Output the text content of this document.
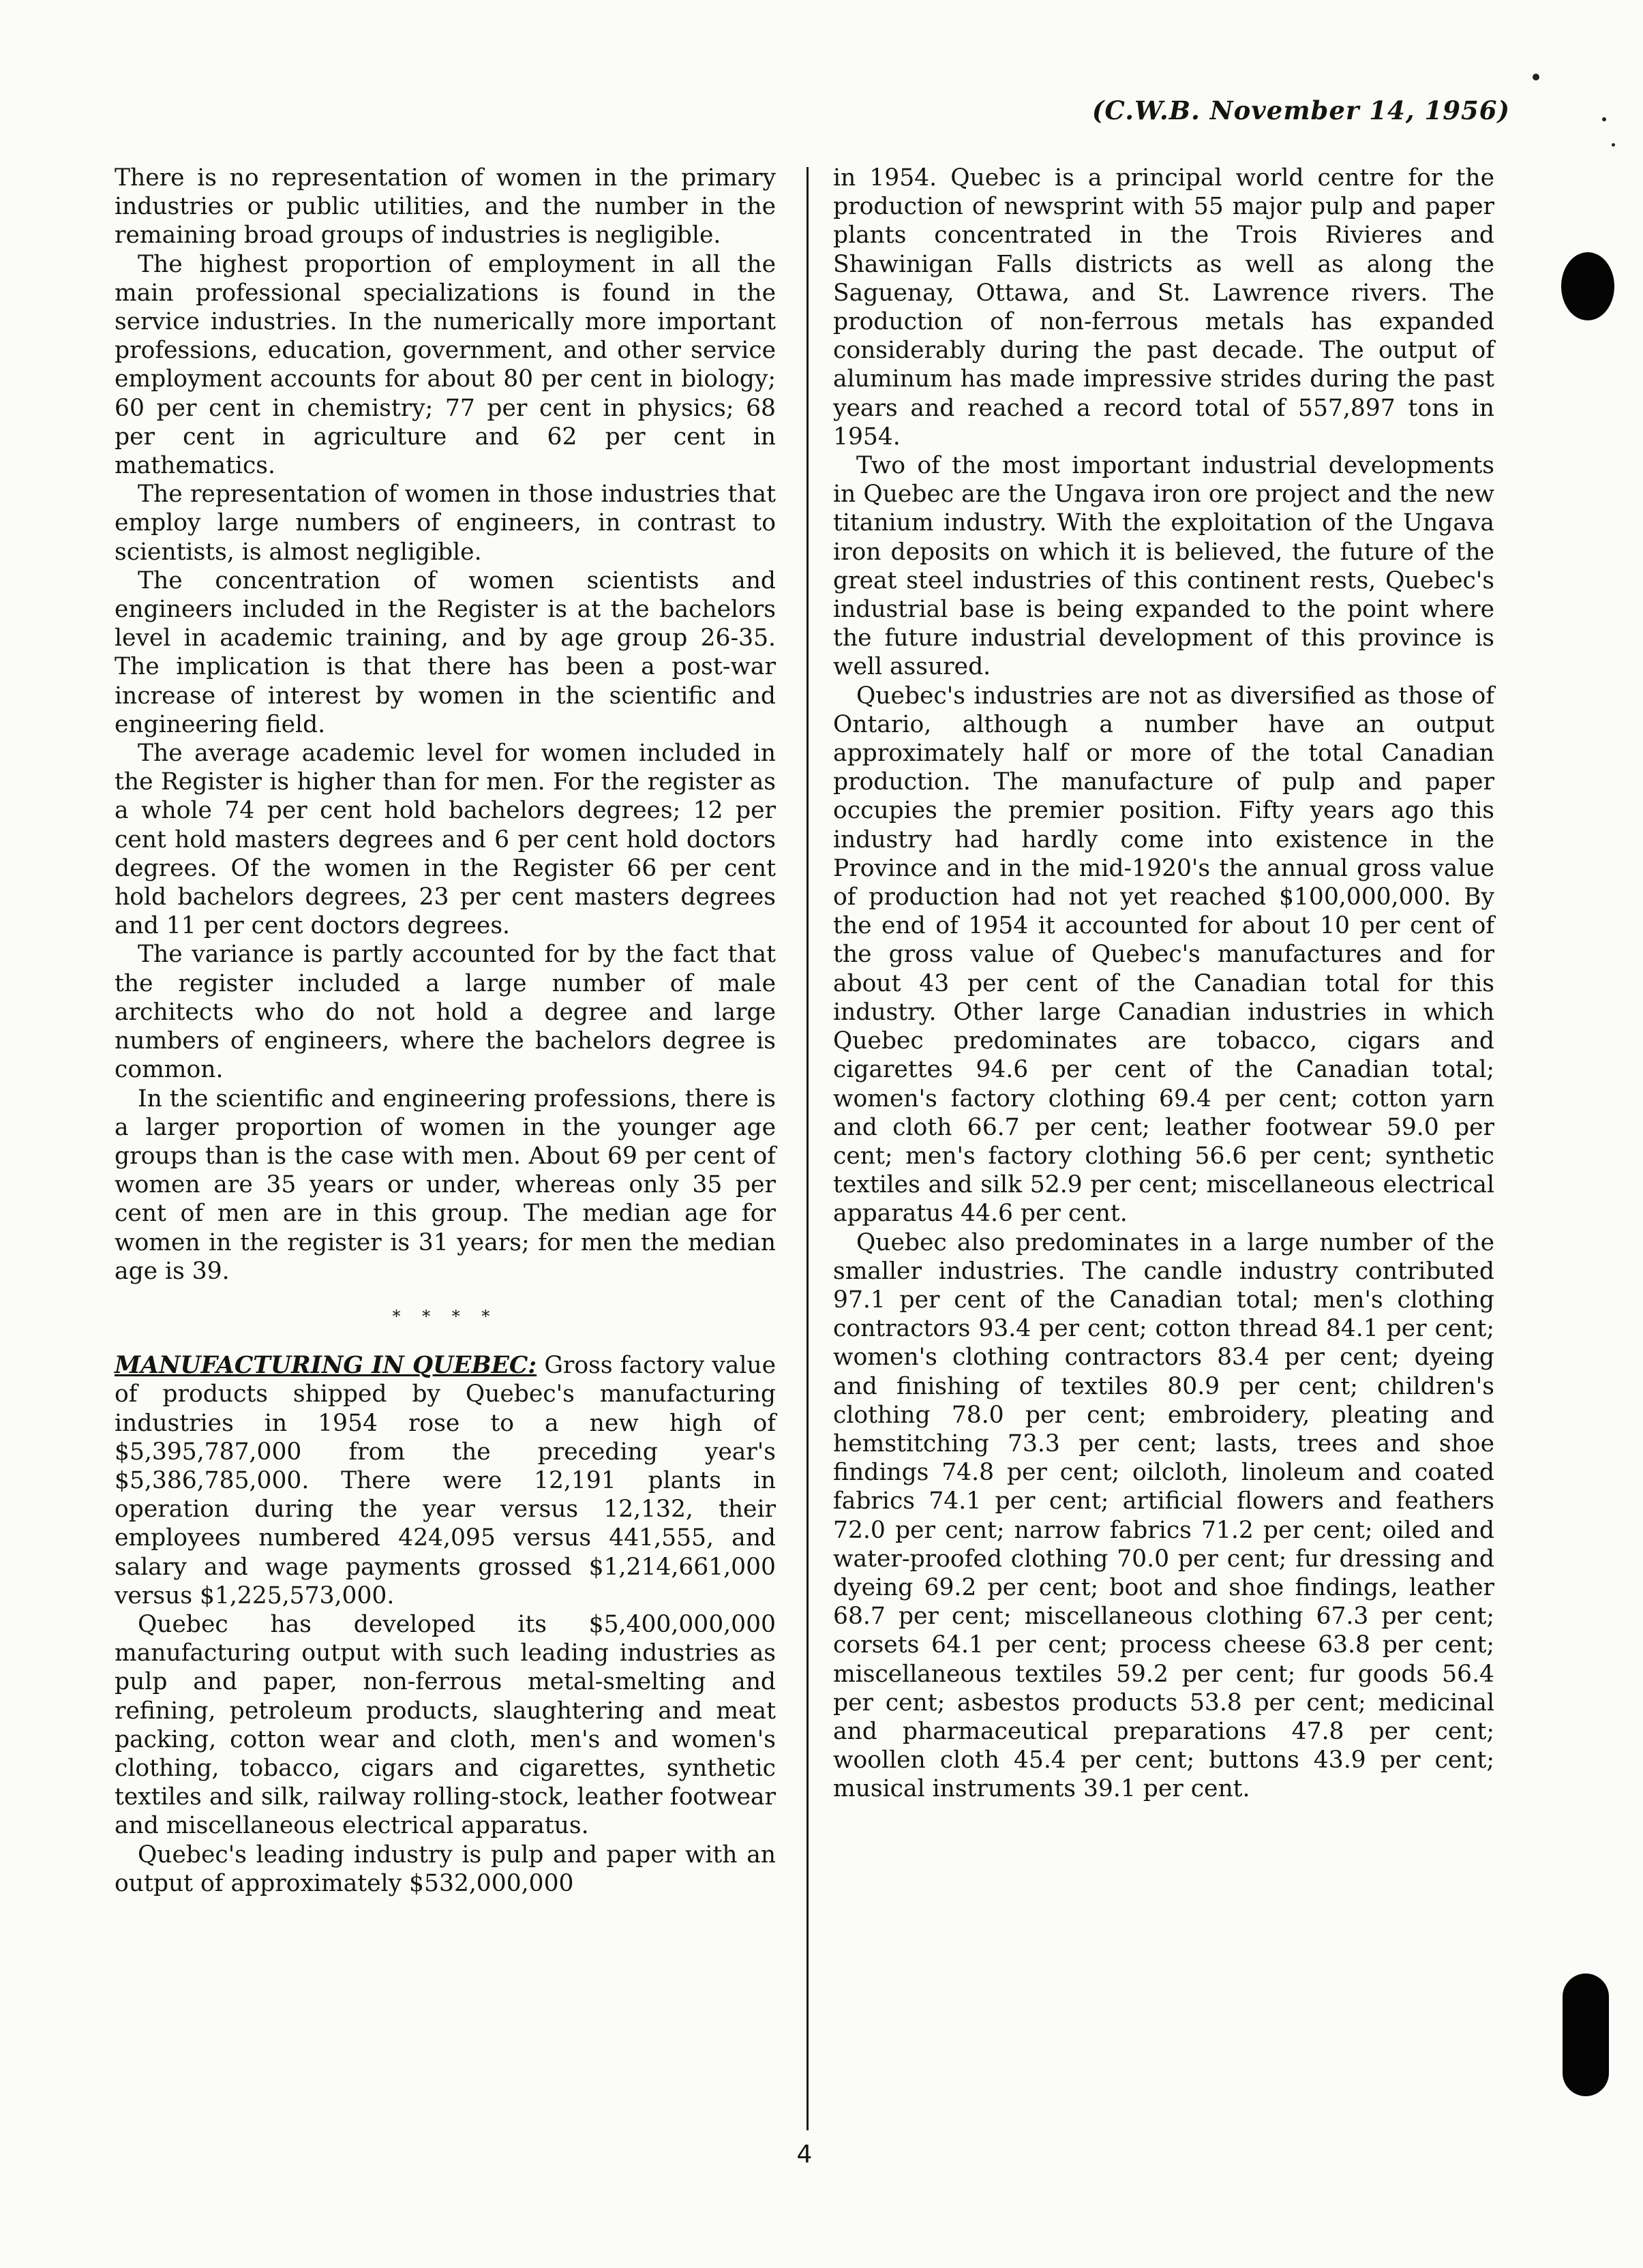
(C.W.B. November 14, 1956)

There is no representation of women in the primary industries or public utilities, and the number in the remaining broad groups of industries is negligible.

The highest proportion of employment in all the main professional specializations is found in the service industries. In the numerically more important professions, education, government, and other service employment accounts for about 80 per cent in biology; 60 per cent in chemistry; 77 per cent in physics; 68 per cent in agriculture and 62 per cent in mathematics.

The representation of women in those industries that employ large numbers of engineers, in contrast to scientists, is almost negligible.

The concentration of women scientists and engineers included in the Register is at the bachelors level in academic training, and by age group 26-35. The implication is that there has been a post-war increase of interest by women in the scientific and engineering field.

The average academic level for women included in the Register is higher than for men. For the register as a whole 74 per cent hold bachelors degrees; 12 per cent hold masters degrees and 6 per cent hold doctors degrees. Of the women in the Register 66 per cent hold bachelors degrees, 23 per cent masters degrees and 11 per cent doctors degrees.

The variance is partly accounted for by the fact that the register included a large number of male architects who do not hold a degree and large numbers of engineers, where the bachelors degree is common.

In the scientific and engineering professions, there is a larger proportion of women in the younger age groups than is the case with men. About 69 per cent of women are 35 years or under, whereas only 35 per cent of men are in this group. The median age for women in the register is 31 years; for men the median age is 39.

* * * *

MANUFACTURING IN QUEBEC: Gross factory value of products shipped by Quebec's manufacturing industries in 1954 rose to a new high of $5,395,787,000 from the preceding year's $5,386,785,000. There were 12,191 plants in operation during the year versus 12,132, their employees numbered 424,095 versus 441,555, and salary and wage payments grossed $1,214,661,000 versus $1,225,573,000.

Quebec has developed its $5,400,000,000 manufacturing output with such leading industries as pulp and paper, non-ferrous metal-smelting and refining, petroleum products, slaughtering and meat packing, cotton wear and cloth, men's and women's clothing, tobacco, cigars and cigarettes, synthetic textiles and silk, railway rolling-stock, leather footwear and miscellaneous electrical apparatus.

Quebec's leading industry is pulp and paper with an output of approximately $532,000,000

in 1954. Quebec is a principal world centre for the production of newsprint with 55 major pulp and paper plants concentrated in the Trois Rivieres and Shawinigan Falls districts as well as along the Saguenay, Ottawa, and St. Lawrence rivers. The production of non-ferrous metals has expanded considerably during the past decade. The output of aluminum has made impressive strides during the past years and reached a record total of 557,897 tons in 1954.

Two of the most important industrial developments in Quebec are the Ungava iron ore project and the new titanium industry. With the exploitation of the Ungava iron deposits on which it is believed, the future of the great steel industries of this continent rests, Quebec's industrial base is being expanded to the point where the future industrial development of this province is well assured.

Quebec's industries are not as diversified as those of Ontario, although a number have an output approximately half or more of the total Canadian production. The manufacture of pulp and paper occupies the premier position. Fifty years ago this industry had hardly come into existence in the Province and in the mid-1920's the annual gross value of production had not yet reached $100,000,000. By the end of 1954 it accounted for about 10 per cent of the gross value of Quebec's manufactures and for about 43 per cent of the Canadian total for this industry. Other large Canadian industries in which Quebec predominates are tobacco, cigars and cigarettes 94.6 per cent of the Canadian total; women's factory clothing 69.4 per cent; cotton yarn and cloth 66.7 per cent; leather footwear 59.0 per cent; men's factory clothing 56.6 per cent; synthetic textiles and silk 52.9 per cent; miscellaneous electrical apparatus 44.6 per cent.

Quebec also predominates in a large number of the smaller industries. The candle industry contributed 97.1 per cent of the Canadian total; men's clothing contractors 93.4 per cent; cotton thread 84.1 per cent; women's clothing contractors 83.4 per cent; dyeing and finishing of textiles 80.9 per cent; children's clothing 78.0 per cent; embroidery, pleating and hemstitching 73.3 per cent; lasts, trees and shoe findings 74.8 per cent; oilcloth, linoleum and coated fabrics 74.1 per cent; artificial flowers and feathers 72.0 per cent; narrow fabrics 71.2 per cent; oiled and water-proofed clothing 70.0 per cent; fur dressing and dyeing 69.2 per cent; boot and shoe findings, leather 68.7 per cent; miscellaneous clothing 67.3 per cent; corsets 64.1 per cent; process cheese 63.8 per cent; miscellaneous textiles 59.2 per cent; fur goods 56.4 per cent; asbestos products 53.8 per cent; medicinal and pharmaceutical preparations 47.8 per cent; woollen cloth 45.4 per cent; buttons 43.9 per cent; musical instruments 39.1 per cent.

4
